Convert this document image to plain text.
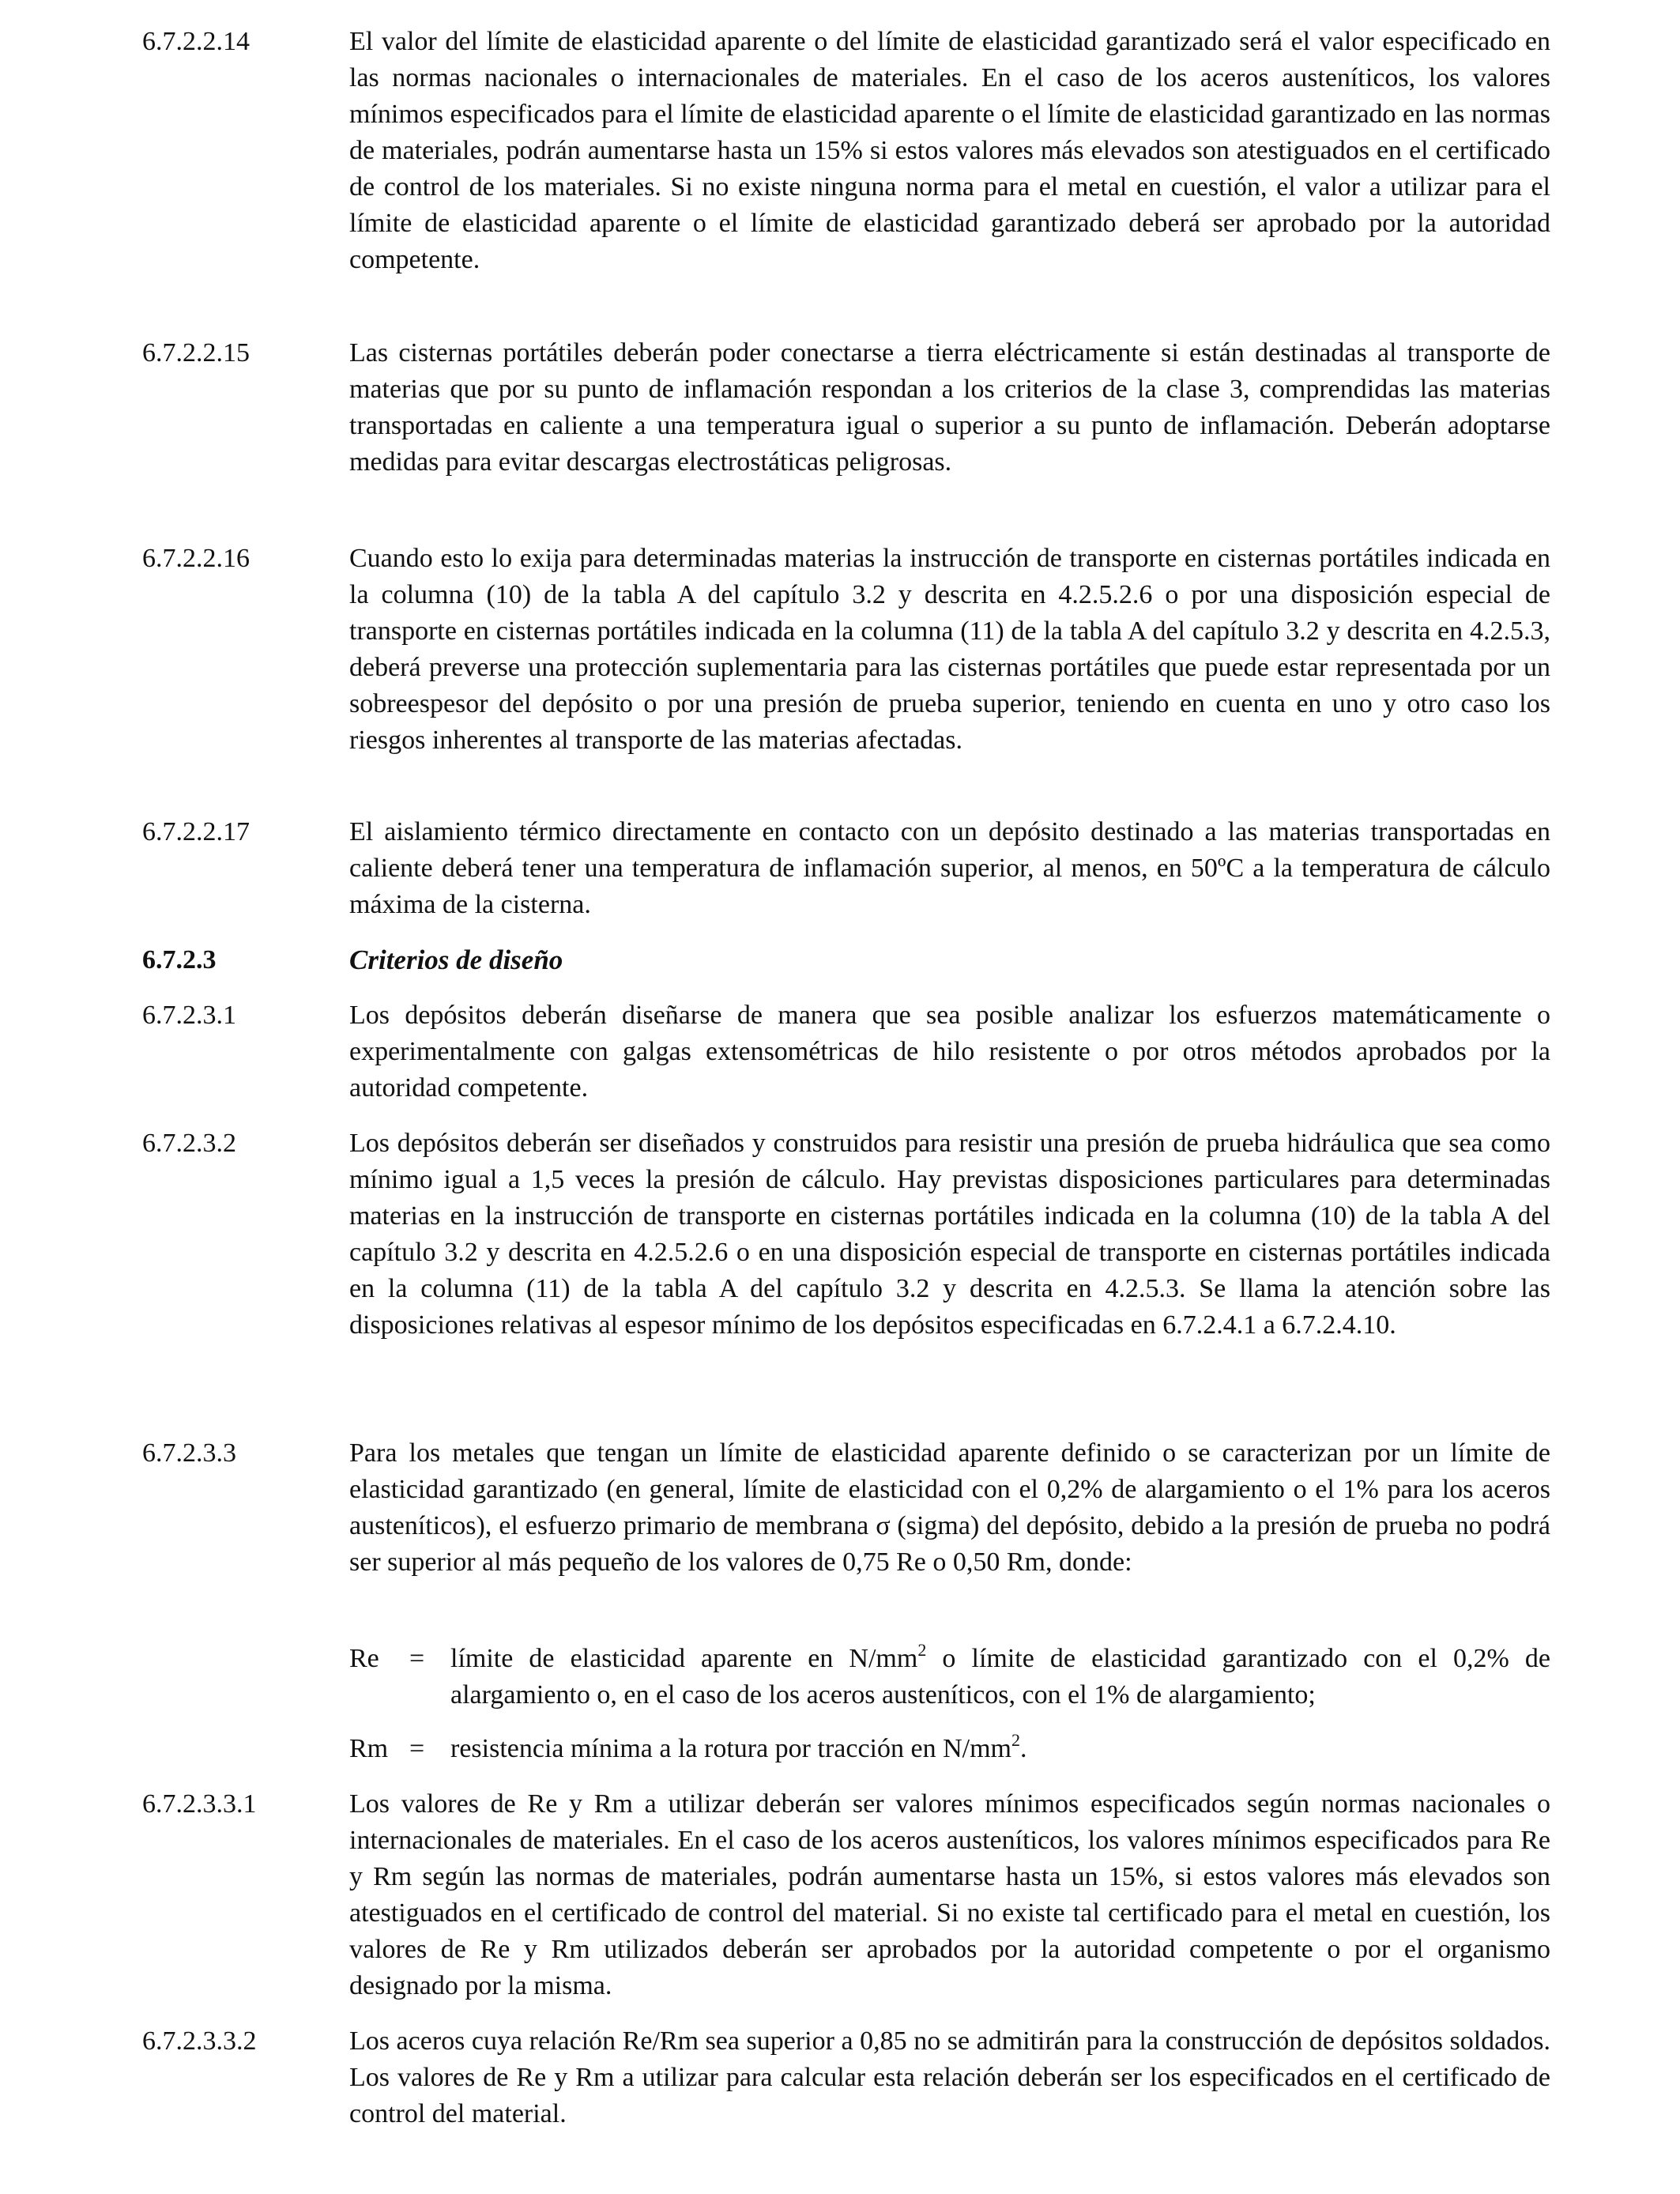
6.7.2.2.14	El valor del límite de elasticidad aparente o del límite de elasticidad garantizado será el valor especificado en las normas nacionales o internacionales de materiales. En el caso de los aceros austeníticos, los valores mínimos especificados para el límite de elasticidad aparente o el límite de elasticidad garantizado en las normas de materiales, podrán aumentarse hasta un 15% si estos valores más elevados son atestiguados en el certificado de control de los materiales. Si no existe ninguna norma para el metal en cuestión, el valor a utilizar para el límite de elasticidad aparente o el límite de elasticidad garantizado deberá ser aprobado por la autoridad competente.
6.7.2.2.15	Las cisternas portátiles deberán poder conectarse a tierra eléctricamente si están destinadas al transporte de materias que por su punto de inflamación respondan a los criterios de la clase 3, comprendidas las materias transportadas en caliente a una temperatura igual o superior a su punto de inflamación. Deberán adoptarse medidas para evitar descargas electrostáticas peligrosas.
6.7.2.2.16	Cuando esto lo exija para determinadas materias la instrucción de transporte en cisternas portátiles indicada en la columna (10) de la tabla A del capítulo 3.2 y descrita en 4.2.5.2.6 o por una disposición especial de transporte en cisternas portátiles indicada en la columna (11) de la tabla A del capítulo 3.2 y descrita en 4.2.5.3, deberá preverse una protección suplementaria para las cisternas portátiles que puede estar representada por un sobreespesor del depósito o por una presión de prueba superior, teniendo en cuenta en uno y otro caso los riesgos inherentes al transporte de las materias afectadas.
6.7.2.2.17	El aislamiento térmico directamente en contacto con un depósito destinado a las materias transportadas en caliente deberá tener una temperatura de inflamación superior, al menos, en 50ºC a la temperatura de cálculo máxima de la cisterna.
6.7.2.3	Criterios de diseño
6.7.2.3.1	Los depósitos deberán diseñarse de manera que sea posible analizar los esfuerzos matemáticamente o experimentalmente con galgas extensométricas de hilo resistente o por otros métodos aprobados por la autoridad competente.
6.7.2.3.2	Los depósitos deberán ser diseñados y construidos para resistir una presión de prueba hidráulica que sea como mínimo igual a 1,5 veces la presión de cálculo. Hay previstas disposiciones particulares para determinadas materias en la instrucción de transporte en cisternas portátiles indicada en la columna (10) de la tabla A del capítulo 3.2 y descrita en 4.2.5.2.6 o en una disposición especial de transporte en cisternas portátiles indicada en la columna (11) de la tabla A del capítulo 3.2 y descrita en 4.2.5.3. Se llama la atención sobre las disposiciones relativas al espesor mínimo de los depósitos especificadas en 6.7.2.4.1 a 6.7.2.4.10.
6.7.2.3.3	Para los metales que tengan un límite de elasticidad aparente definido o se caracterizan por un límite de elasticidad garantizado (en general, límite de elasticidad con el 0,2% de alargamiento o el 1% para los aceros austeníticos), el esfuerzo primario de membrana σ (sigma) del depósito, debido a la presión de prueba no podrá ser superior al más pequeño de los valores de 0,75 Re o 0,50 Rm, donde:
Re = límite de elasticidad aparente en $N/mm^2$ o límite de elasticidad garantizado con el 0,2% de alargamiento o, en el caso de los aceros austeníticos, con el 1% de alargamiento;
Rm = resistencia mínima a la rotura por tracción en $N/mm^2$.
6.7.2.3.3.1	Los valores de Re y Rm a utilizar deberán ser valores mínimos especificados según normas nacionales o internacionales de materiales. En el caso de los aceros austeníticos, los valores mínimos especificados para Re y Rm según las normas de materiales, podrán aumentarse hasta un 15%, si estos valores más elevados son atestiguados en el certificado de control del material. Si no existe tal certificado para el metal en cuestión, los valores de Re y Rm utilizados deberán ser aprobados por la autoridad competente o por el organismo designado por la misma.
6.7.2.3.3.2	Los aceros cuya relación Re/Rm sea superior a 0,85 no se admitirán para la construcción de depósitos soldados. Los valores de Re y Rm a utilizar para calcular esta relación deberán ser los especificados en el certificado de control del material.
